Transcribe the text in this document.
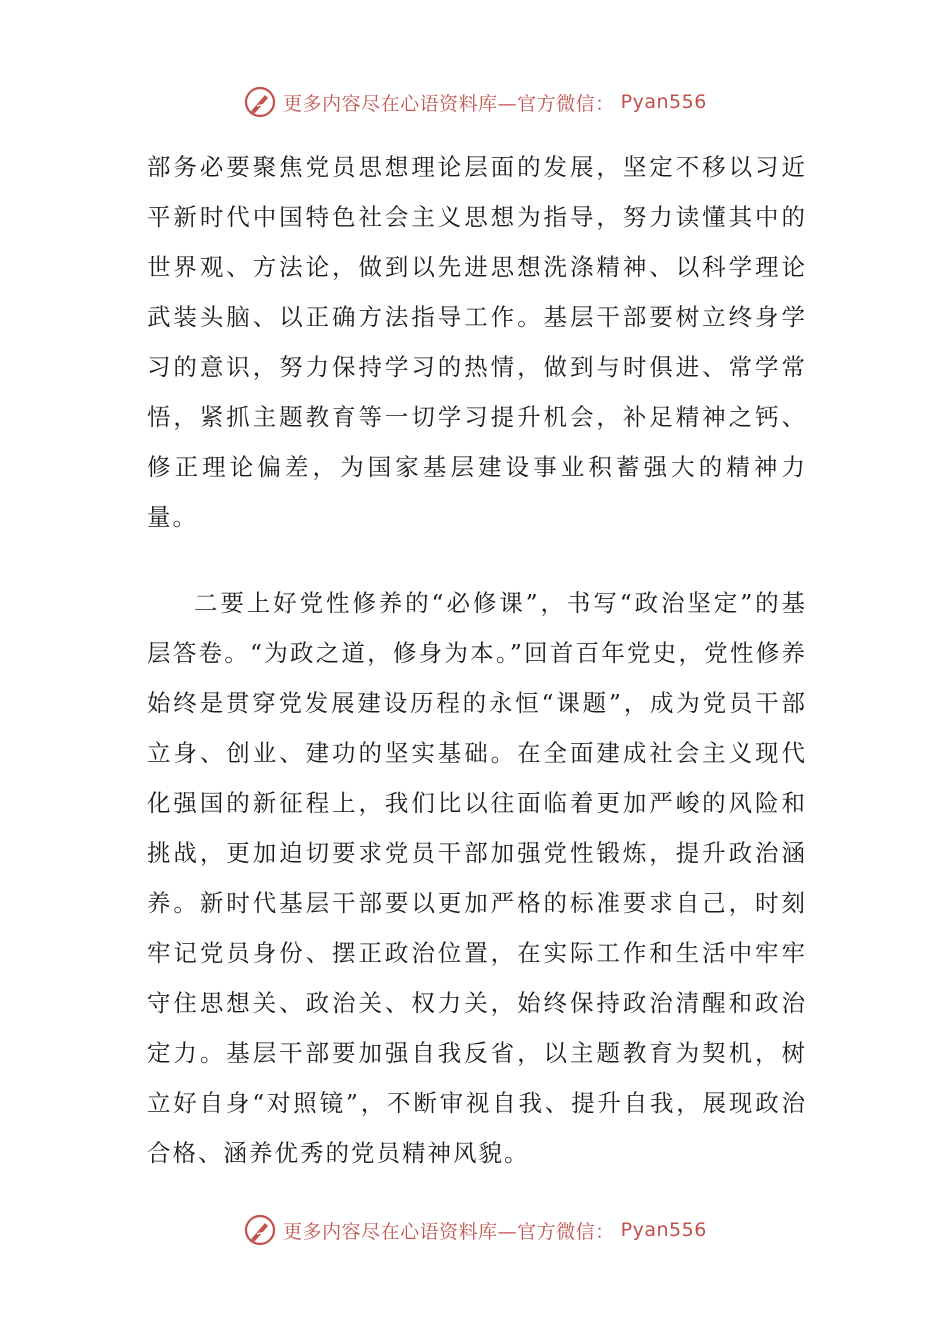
更多内容尽在心语资料库—官方微信： Pyan556

部务必要聚焦党员思想理论层面的发展，坚定不移以习近平新时代中国特色社会主义思想为指导，努力读懂其中的世界观、方法论，做到以先进思想洗涤精神、以科学理论武装头脑、以正确方法指导工作。基层干部要树立终身学习的意识，努力保持学习的热情，做到与时俱进、常学常悟，紧抓主题教育等一切学习提升机会，补足精神之钙、修正理论偏差，为国家基层建设事业积蓄强大的精神力量。

二要上好党性修养的“必修课”，书写“政治坚定”的基层答卷。“为政之道，修身为本。”回首百年党史，党性修养始终是贯穿党发展建设历程的永恒“课题”，成为党员干部立身、创业、建功的坚实基础。在全面建成社会主义现代化强国的新征程上，我们比以往面临着更加严峻的风险和挑战，更加迫切要求党员干部加强党性锻炼，提升政治涵养。新时代基层干部要以更加严格的标准要求自己，时刻牢记党员身份、摆正政治位置，在实际工作和生活中牢牢守住思想关、政治关、权力关，始终保持政治清醒和政治定力。基层干部要加强自我反省，以主题教育为契机，树立好自身“对照镜”，不断审视自我、提升自我，展现政治合格、涵养优秀的党员精神风貌。

更多内容尽在心语资料库—官方微信： Pyan556
